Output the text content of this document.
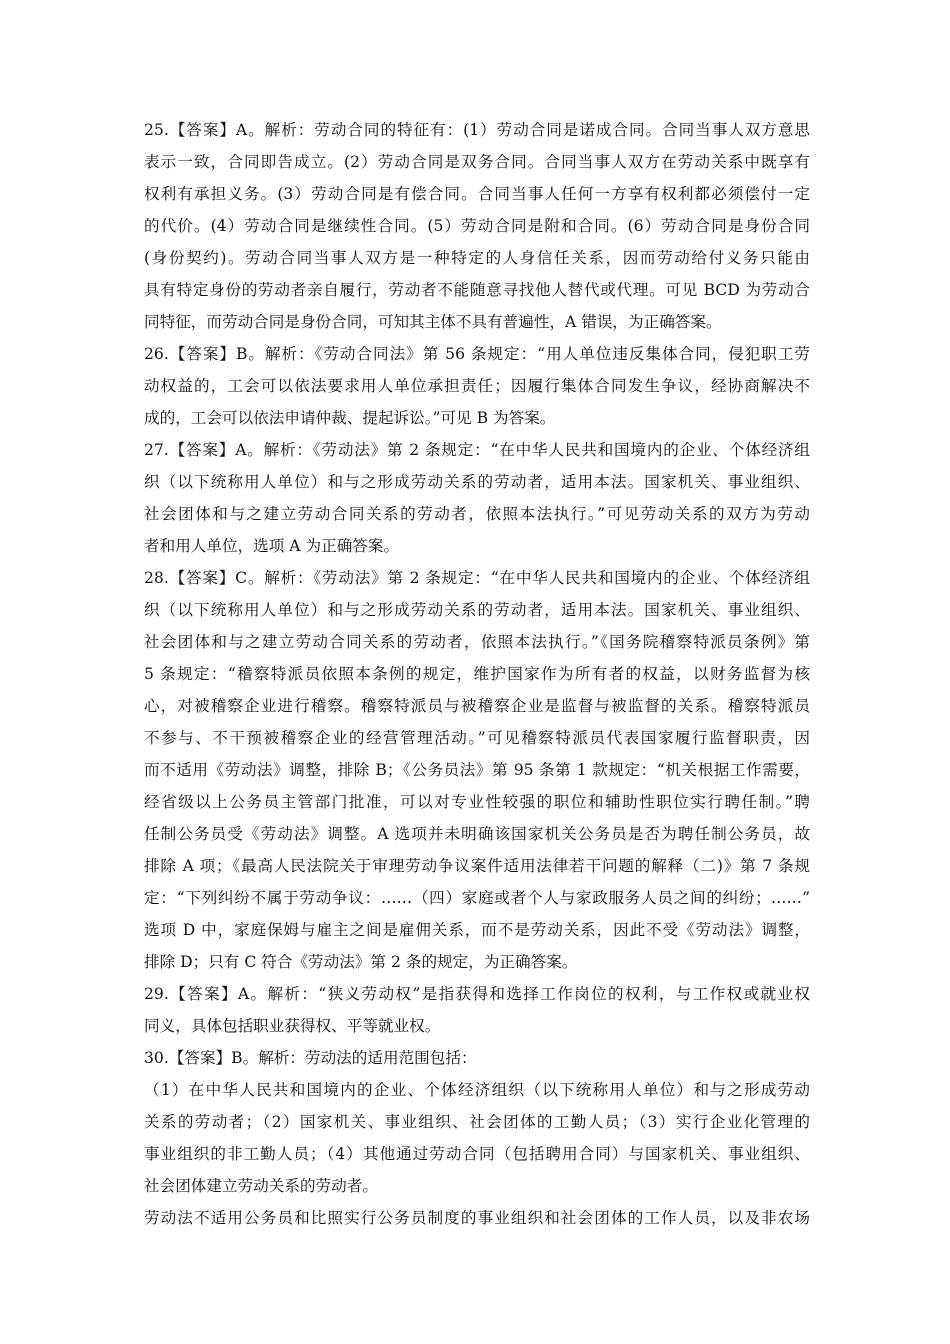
25.【答案】A。解析：劳动合同的特征有：(1）劳动合同是诺成合同。合同当事人双方意思
表示一致，合同即告成立。(2）劳动合同是双务合同。合同当事人双方在劳动关系中既享有
权利有承担义务。(3）劳动合同是有偿合同。合同当事人任何一方享有权利都必须偿付一定
的代价。(4）劳动合同是继续性合同。(5）劳动合同是附和合同。(6）劳动合同是身份合同
(身份契约)。劳动合同当事人双方是一种特定的人身信任关系，因而劳动给付义务只能由
具有特定身份的劳动者亲自履行，劳动者不能随意寻找他人替代或代理。可见 BCD 为劳动合
同特征，而劳动合同是身份合同，可知其主体不具有普遍性，A 错误，为正确答案。
26.【答案】B。解析：《劳动合同法》第 56 条规定：“用人单位违反集体合同，侵犯职工劳
动权益的，工会可以依法要求用人单位承担责任；因履行集体合同发生争议，经协商解决不
成的，工会可以依法申请仲裁、提起诉讼。”可见 B 为答案。
27.【答案】A。解析：《劳动法》第 2 条规定：“在中华人民共和国境内的企业、个体经济组
织（以下统称用人单位）和与之形成劳动关系的劳动者，适用本法。国家机关、事业组织、
社会团体和与之建立劳动合同关系的劳动者，依照本法执行。”可见劳动关系的双方为劳动
者和用人单位，选项 A 为正确答案。
28.【答案】C。解析：《劳动法》第 2 条规定：“在中华人民共和国境内的企业、个体经济组
织（以下统称用人单位）和与之形成劳动关系的劳动者，适用本法。国家机关、事业组织、
社会团体和与之建立劳动合同关系的劳动者，依照本法执行。”《国务院稽察特派员条例》第
5 条规定：“稽察特派员依照本条例的规定，维护国家作为所有者的权益，以财务监督为核
心，对被稽察企业进行稽察。稽察特派员与被稽察企业是监督与被监督的关系。稽察特派员
不参与、不干预被稽察企业的经营管理活动。”可见稽察特派员代表国家履行监督职责，因
而不适用《劳动法》调整，排除 B；《公务员法》第 95 条第 1 款规定：“机关根据工作需要，
经省级以上公务员主管部门批准，可以对专业性较强的职位和辅助性职位实行聘任制。”聘
任制公务员受《劳动法》调整。A 选项并未明确该国家机关公务员是否为聘任制公务员，故
排除 A 项；《最高人民法院关于审理劳动争议案件适用法律若干问题的解释（二)》第 7 条规
定：“下列纠纷不属于劳动争议：……（四）家庭或者个人与家政服务人员之间的纠纷；……”
选项 D 中，家庭保姆与雇主之间是雇佣关系，而不是劳动关系，因此不受《劳动法》调整，
排除 D；只有 C 符合《劳动法》第 2 条的规定，为正确答案。
29.【答案】A。解析：“狭义劳动权”是指获得和选择工作岗位的权利，与工作权或就业权
同义，具体包括职业获得权、平等就业权。
30.【答案】B。解析：劳动法的适用范围包括：
（1）在中华人民共和国境内的企业、个体经济组织（以下统称用人单位）和与之形成劳动
关系的劳动者；（2）国家机关、事业组织、社会团体的工勤人员；（3）实行企业化管理的
事业组织的非工勤人员；（4）其他通过劳动合同（包括聘用合同）与国家机关、事业组织、
社会团体建立劳动关系的劳动者。
劳动法不适用公务员和比照实行公务员制度的事业组织和社会团体的工作人员，以及非农场
